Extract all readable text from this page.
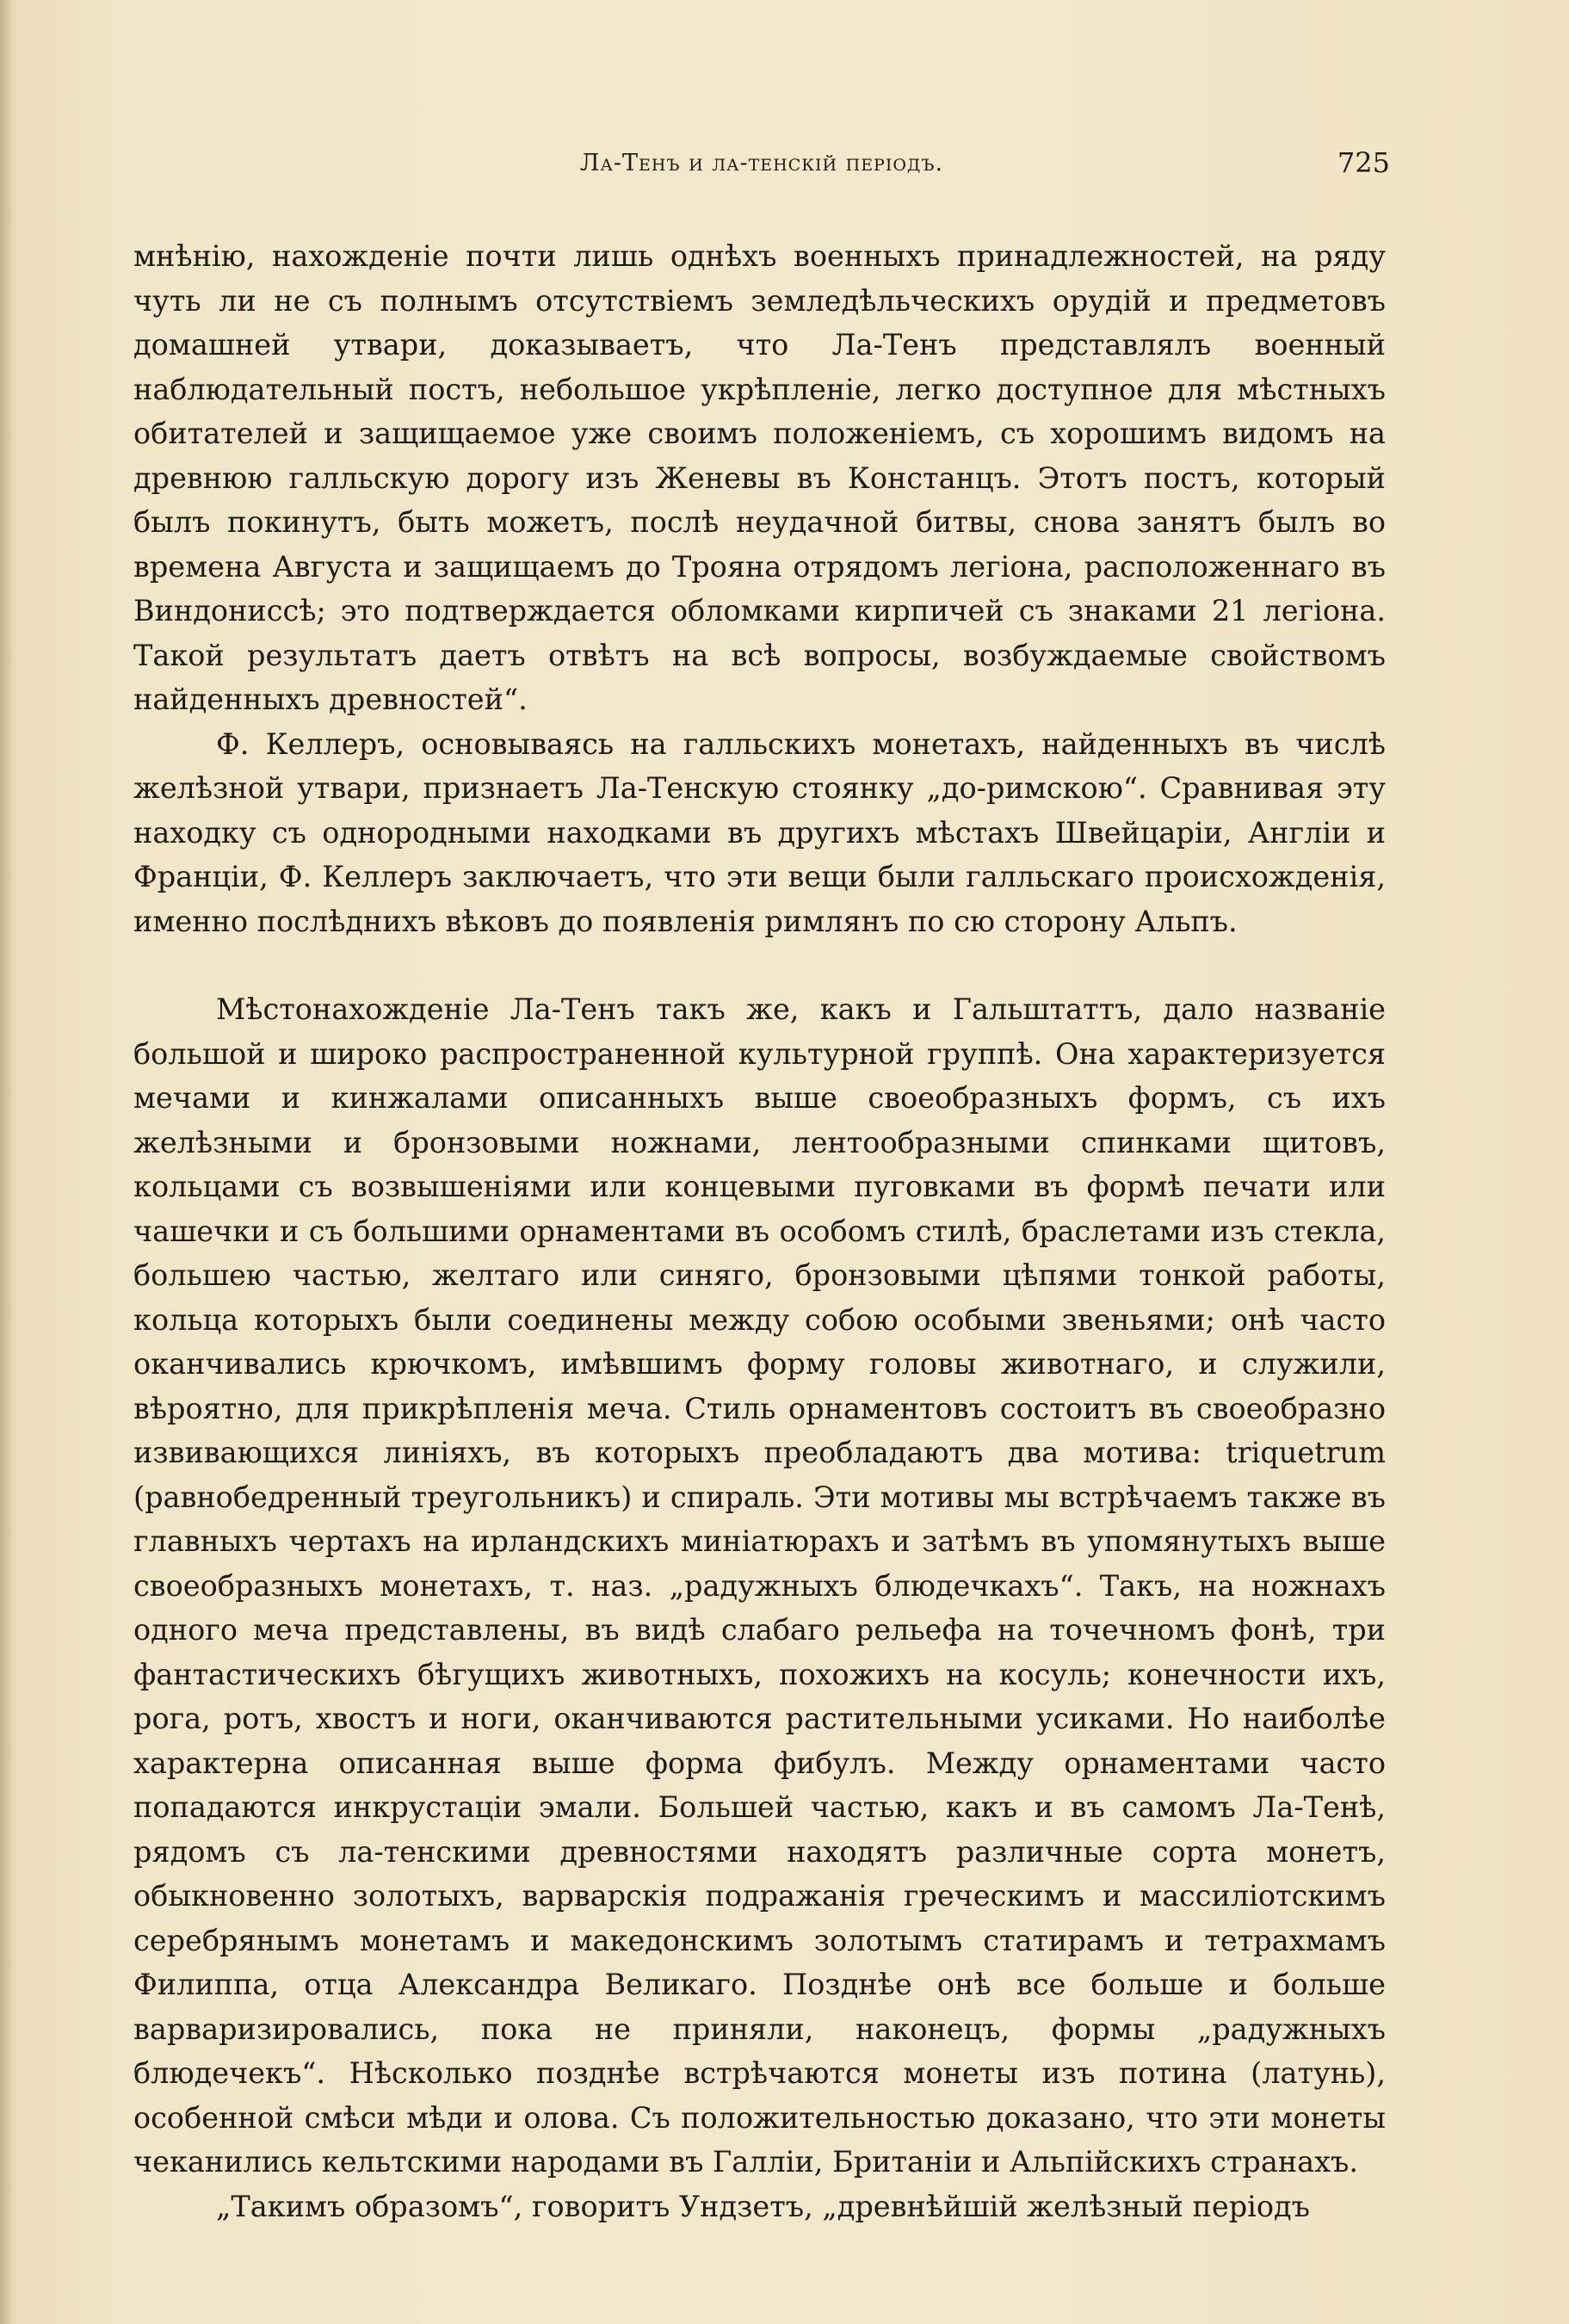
Ла-Тенъ и ла-тенскій періодъ.	725

мнѣнію, нахожденіе почти лишь однѣхъ военныхъ принадлежностей, на ряду чуть ли не съ полнымъ отсутствіемъ земледѣльческихъ орудій и предметовъ домашней утвари, доказываетъ, что Ла-Тенъ представлялъ военный наблюдательный постъ, небольшое укрѣпленіе, легко доступное для мѣстныхъ обитателей и защищаемое уже своимъ положеніемъ, съ хорошимъ видомъ на древнюю галльскую дорогу изъ Женевы въ Констанцъ. Этотъ постъ, который былъ покинутъ, быть можетъ, послѣ неудачной битвы, снова занятъ былъ во времена Августа и защищаемъ до Трояна отрядомъ легіона, расположеннаго въ Виндониссѣ; это подтверждается обломками кирпичей съ знаками 21 легіона. Такой результатъ даетъ отвѣтъ на всѣ вопросы, возбуждаемые свойствомъ найденныхъ древностей“.

Ф. Келлеръ, основываясь на галльскихъ монетахъ, найденныхъ въ числѣ желѣзной утвари, признаетъ Ла-Тенскую стоянку „до-римскою“. Сравнивая эту находку съ однородными находками въ другихъ мѣстахъ Швейцаріи, Англіи и Франціи, Ф. Келлеръ заключаетъ, что эти вещи были галльскаго происхожденія, именно послѣднихъ вѣковъ до появленія римлянъ по сю сторону Альпъ.

Мѣстонахожденіе Ла-Тенъ такъ же, какъ и Гальштаттъ, дало названіе большой и широко распространенной культурной группѣ. Она характеризуется мечами и кинжалами описанныхъ выше своеобразныхъ формъ, съ ихъ желѣзными и бронзовыми ножнами, лентообразными спинками щитовъ, кольцами съ возвышеніями или концевыми пуговками въ формѣ печати или чашечки и съ большими орнаментами въ особомъ стилѣ, браслетами изъ стекла, большею частью, желтаго или синяго, бронзовыми цѣпями тонкой работы, кольца которыхъ были соединены между собою особыми звеньями; онѣ часто оканчивались крючкомъ, имѣвшимъ форму головы животнаго, и служили, вѣроятно, для прикрѣпленія меча. Стиль орнаментовъ состоитъ въ своеобразно извивающихся линіяхъ, въ которыхъ преобладаютъ два мотива: triquetrum (равнобедренный треугольникъ) и спираль. Эти мотивы мы встрѣчаемъ также въ главныхъ чертахъ на ирландскихъ миніатюрахъ и затѣмъ въ упомянутыхъ выше своеобразныхъ монетахъ, т. наз. „радужныхъ блюдечкахъ“. Такъ, на ножнахъ одного меча представлены, въ видѣ слабаго рельефа на точечномъ фонѣ, три фантастическихъ бѣгущихъ животныхъ, похожихъ на косуль; конечности ихъ, рога, ротъ, хвостъ и ноги, оканчиваются растительными усиками. Но наиболѣе характерна описанная выше форма фибулъ. Между орнаментами часто попадаются инкрустаціи эмали. Большей частью, какъ и въ самомъ Ла-Тенѣ, рядомъ съ ла-тенскими древностями находятъ различные сорта монетъ, обыкновенно золотыхъ, варварскія подражанія греческимъ и массиліотскимъ серебрянымъ монетамъ и македонскимъ золотымъ статирамъ и тетрахмамъ Филиппа, отца Александра Великаго. Позднѣе онѣ все больше и больше варваризировались, пока не приняли, наконецъ, формы „радужныхъ блюдечекъ“. Нѣсколько позднѣе встрѣчаются монеты изъ потина (латунь), особенной смѣси мѣди и олова. Съ положительностью доказано, что эти монеты чеканились кельтскими народами въ Галліи, Британіи и Альпійскихъ странахъ.

„Такимъ образомъ“, говоритъ Ундзетъ, „древнѣйшій желѣзный періодъ
